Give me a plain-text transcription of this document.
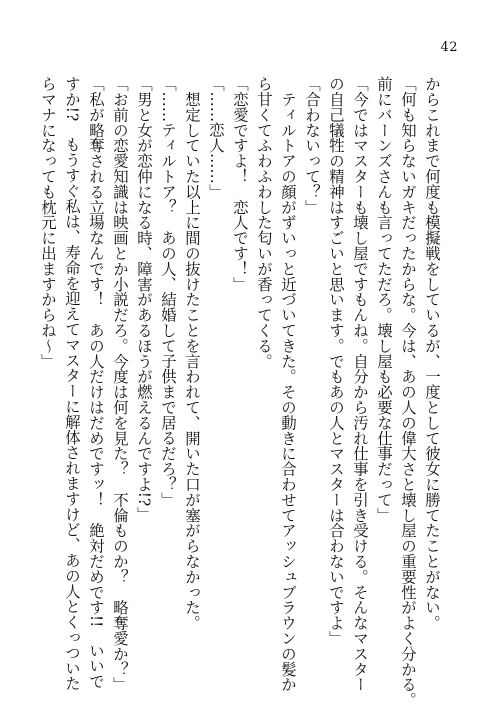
42

からこれまで何度も模擬戦をしているが、一度として彼女に勝てたことがない。

「何も知らないガキだったからな。今は、あの人の偉大さと壊し屋の重要性がよく分かる。

前にバーンズさんも言ってただろ。壊し屋も必要な仕事だって」

「今ではマスターも壊し屋ですもんね。自分から汚れ仕事を引き受ける。そんなマスター

の自己犠牲の精神はすごいと思います。でもあの人とマスターは合わないですよ」

「合わないって？」

　ティルトアの顔がずいっと近づいてきた。その動きに合わせてアッシュブラウンの髪か

ら甘くてふわふわした匂いが香ってくる。

「恋愛ですよ！　恋人です！」

「……恋人……」

　想定していた以上に間の抜けたことを言われて、開いた口が塞がらなかった。

「……ティルトア？　あの人、結婚して子供まで居るだろ？」

「男と女が恋仲になる時、障害があるほうが燃えるんですよ!?」

「お前の恋愛知識は映画とか小説だろ。今度は何を見た？　不倫ものか？　略奪愛か？」

「私が略奪される立場なんです！　あの人だけはだめですッ！　絶対だめです!!　いいで

すか!?　もうすぐ私は、寿命を迎えてマスターに解体されますけど、あの人とくっついた

らマナになっても枕元に出ますからね～」
